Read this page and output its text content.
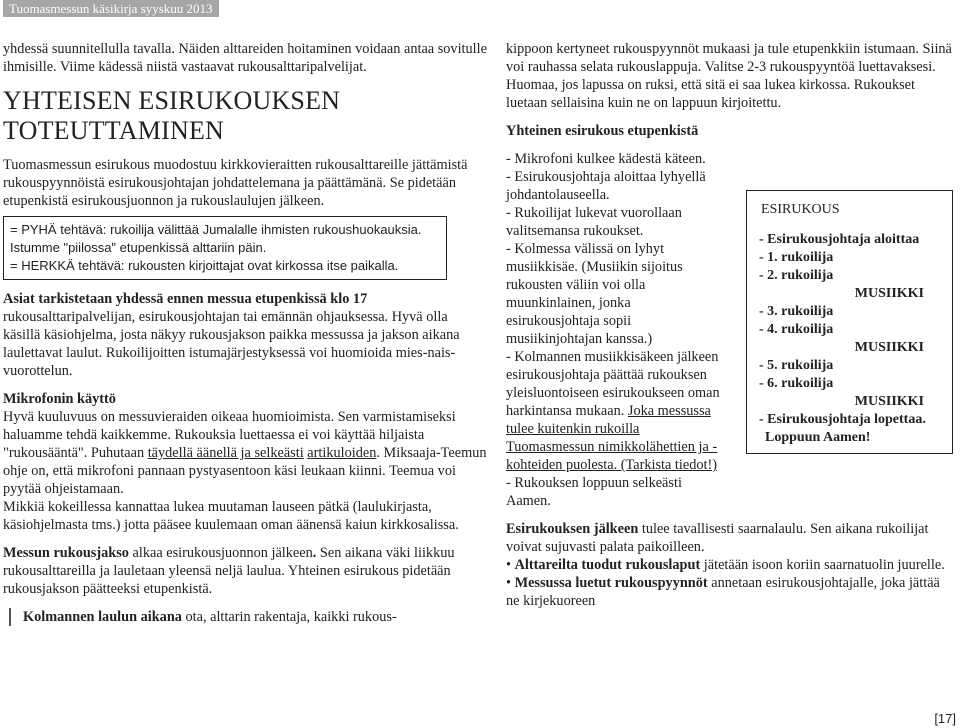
Tuomasmessun käsikirja syyskuu 2013

yhdessä suunnitellulla tavalla. Näiden alttareiden hoitaminen voidaan antaa sovitulle ihmisille. Viime kädessä niistä vastaavat rukousalttaripalvelijat.

YHTEISEN ESIRUKOUKSEN
TOTEUTTAMINEN

Tuomasmessun esirukous muodostuu kirkkovieraitten rukousalttareille jättämistä rukouspyynnöistä esirukousjohtajan johdattelemana ja päättämänä. Se pidetään etupenkistä esirukousjuonnon ja rukouslaulujen jälkeen.

= PYHÄ tehtävä: rukoilija välittää Jumalalle ihmisten rukoushuokauksia. Istumme "piilossa" etupenkissä alttariin päin.
= HERKKÄ tehtävä: rukousten kirjoittajat ovat kirkossa itse paikalla.

Asiat tarkistetaan yhdessä ennen messua etupenkissä klo 17 rukousalttaripalvelijan, esirukousjohtajan tai emännän ohjauksessa. Hyvä olla käsillä käsiohjelma, josta näkyy rukousjakson paikka messussa ja jakson aikana laulettavat laulut. Rukoilijoitten istumajärjestyksessä voi huomioida mies-nais-vuorottelun.

Mikrofonin käyttö

Hyvä kuuluvuus on messuvieraiden oikeaa huomioimista. Sen varmistamiseksi haluamme tehdä kaikkemme. Rukouksia luettaessa ei voi käyttää hiljaista "rukousääntä". Puhutaan täydellä äänellä ja selkeästi artikuloiden. Miksaaja-Teemun ohje on, että mikrofoni pannaan pystyasentoon käsi leukaan kiinni. Teemua voi pyytää ohjeistamaan.

Mikkiä kokeillessa kannattaa lukea muutaman lauseen pätkä (laulukirjasta, käsiohjelmasta tms.) jotta pääsee kuulemaan oman äänensä kaiun kirkkosalissa.

Messun rukousjakso alkaa esirukousjuonnon jälkeen. Sen aikana väki liikkuu rukousalttareilla ja lauletaan yleensä neljä laulua. Yhteinen esirukous pidetään rukousjakson päätteeksi etupenkistä.

Kolmannen laulun aikana ota, alttarin rakentaja, kaikki rukous-

kippoon kertyneet rukouspyynnöt mukaasi ja tule etupenkkiin istumaan. Siinä voi rauhassa selata rukouslappuja. Valitse 2-3 rukouspyyntöä luettavaksesi. Huomaa, jos lapussa on ruksi, että sitä ei saa lukea kirkossa. Rukoukset luetaan sellaisina kuin ne on lappuun kirjoitettu.

Yhteinen esirukous etupenkistä

- Mikrofoni kulkee kädestä käteen.
- Esirukousjohtaja aloittaa lyhyellä johdantolauseella.
- Rukoilijat lukevat vuorollaan valitsemansa rukoukset.
- Kolmessa välissä on lyhyt musiikkisäe. (Musiikin sijoitus rukousten väliin voi olla muunkinlainen, jonka esirukousjohtaja sopii musiikinjohtajan kanssa.)
- Kolmannen musiikkisäkeen jälkeen esirukousjohtaja päättää rukouksen yleisluontoiseen esirukoukseen oman harkintansa mukaan. Joka messussa tulee kuitenkin rukoilla Tuomasmessun nimikkolähettien ja -kohteiden puolesta. (Tarkista tiedot!)
- Rukouksen loppuun selkeästi Aamen.

Esirukouksen jälkeen tulee tavallisesti saarnalaulu. Sen aikana rukoilijat voivat sujuvasti palata paikoilleen.

• Alttareilta tuodut rukouslaput jätetään isoon koriin saarnatuolin juurelle.

• Messussa luetut rukouspyynnöt annetaan esirukousjohtajalle, joka jättää ne kirjekuoreen

ESIRUKOUS
- Esirukousjohtaja aloittaa
- 1. rukoilija
- 2. rukoilija
MUSIIKKI
- 3. rukoilija
- 4. rukoilija
MUSIIKKI
- 5. rukoilija
- 6. rukoilija
MUSIIKKI
- Esirukousjohtaja lopettaa.
Loppuun Aamen!
[17]
